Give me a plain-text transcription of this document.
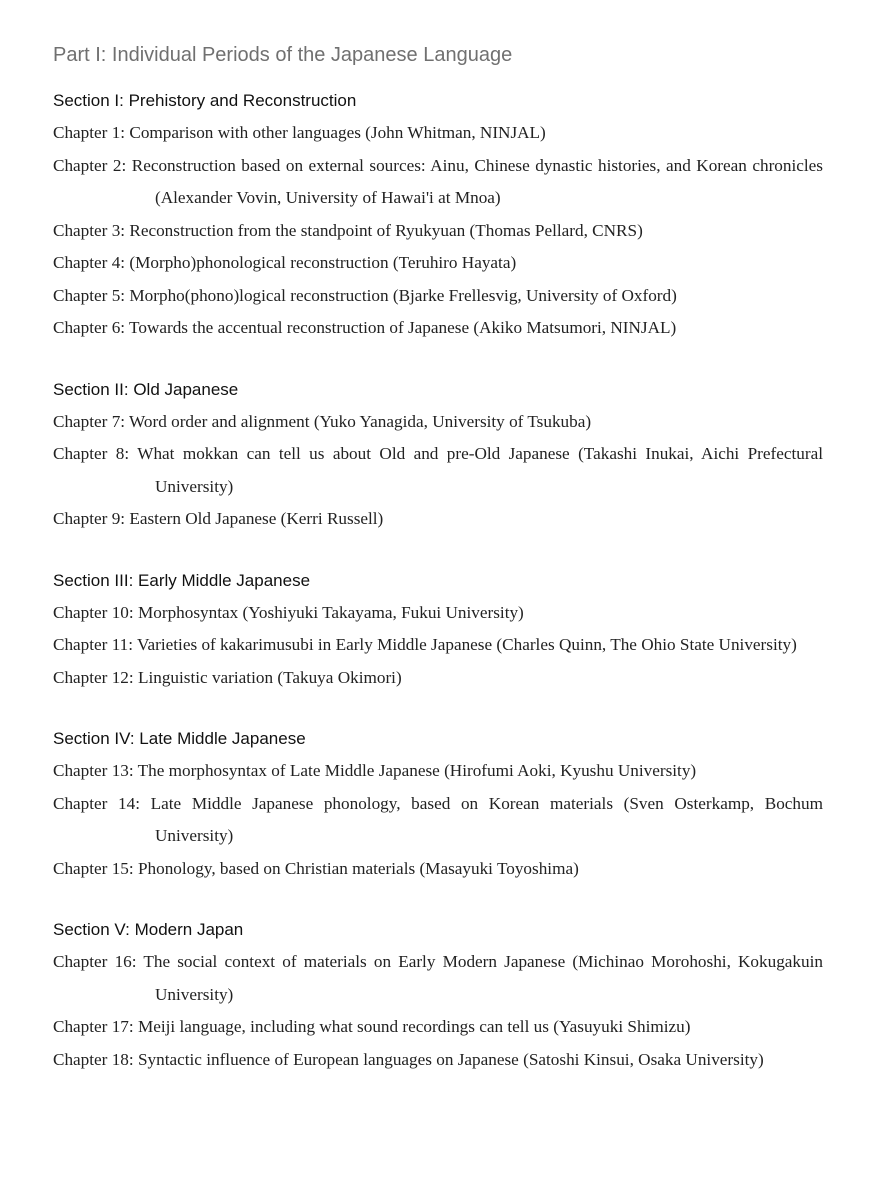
Part I: Individual Periods of the Japanese Language
Section I: Prehistory and Reconstruction

Chapter 1: Comparison with other languages (John Whitman, NINJAL)

Chapter 2: Reconstruction based on external sources: Ainu, Chinese dynastic histories, and Korean chronicles (Alexander Vovin, University of Hawai'i at Mnoa)

Chapter 3: Reconstruction from the standpoint of Ryukyuan (Thomas Pellard, CNRS)

Chapter 4: (Morpho)phonological reconstruction (Teruhiro Hayata)

Chapter 5: Morpho(phono)logical reconstruction (Bjarke Frellesvig, University of Oxford)

Chapter 6: Towards the accentual reconstruction of Japanese (Akiko Matsumori, NINJAL)

Section II: Old Japanese

Chapter 7: Word order and alignment (Yuko Yanagida, University of Tsukuba)

Chapter 8: What mokkan can tell us about Old and pre-Old Japanese (Takashi Inukai, Aichi Prefectural University)

Chapter 9: Eastern Old Japanese (Kerri Russell)

Section III: Early Middle Japanese

Chapter 10: Morphosyntax (Yoshiyuki Takayama, Fukui University)

Chapter 11: Varieties of kakarimusubi in Early Middle Japanese (Charles Quinn, The Ohio State University)

Chapter 12: Linguistic variation (Takuya Okimori)

Section IV: Late Middle Japanese

Chapter 13: The morphosyntax of Late Middle Japanese (Hirofumi Aoki, Kyushu University)

Chapter 14: Late Middle Japanese phonology, based on Korean materials (Sven Osterkamp, Bochum University)

Chapter 15: Phonology, based on Christian materials (Masayuki Toyoshima)

Section V: Modern Japan

Chapter 16: The social context of materials on Early Modern Japanese (Michinao Morohoshi, Kokugakuin University)

Chapter 17: Meiji language, including what sound recordings can tell us (Yasuyuki Shimizu)

Chapter 18: Syntactic influence of European languages on Japanese (Satoshi Kinsui, Osaka University)
